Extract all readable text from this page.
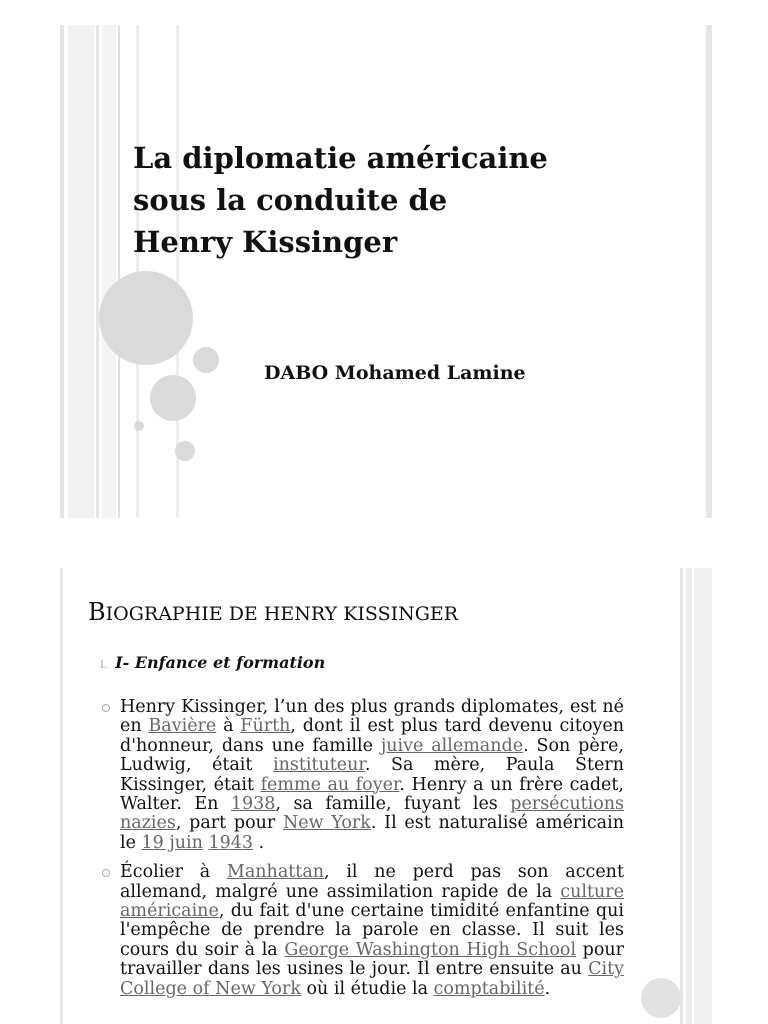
La diplomatie américaine
sous la conduite de
Henry Kissinger

DABO Mohamed Lamine

BIOGRAPHIE DE HENRY KISSINGER
I. I- Enfance et formation
Henry Kissinger, l’un des plus grands diplomates, est né en Bavière à Fürth, dont il est plus tard devenu citoyen d'honneur, dans une famille juive allemande. Son père, Ludwig, était instituteur. Sa mère, Paula Stern Kissinger, était femme au foyer. Henry a un frère cadet, Walter. En 1938, sa famille, fuyant les persécutions nazies, part pour New York. Il est naturalisé américain le 19 juin 1943 .
Écolier à Manhattan, il ne perd pas son accent allemand, malgré une assimilation rapide de la culture américaine, du fait d'une certaine timidité enfantine qui l'empêche de prendre la parole en classe. Il suit les cours du soir à la George Washington High School pour travailler dans les usines le jour. Il entre ensuite au City College of New York où il étudie la comptabilité.
